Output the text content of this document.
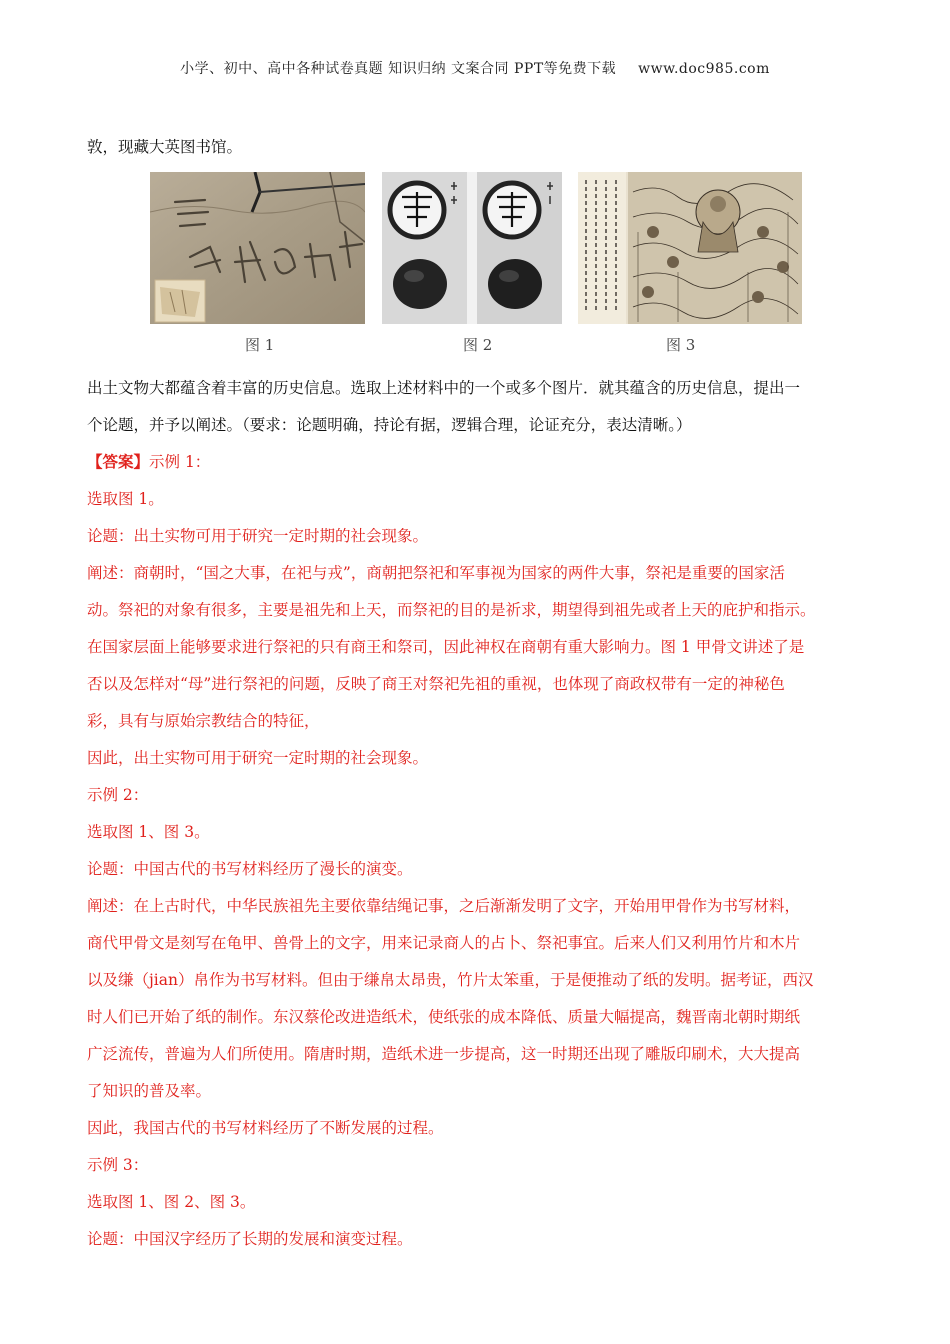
小学、初中、高中各种试卷真题 知识归纳 文案合同 PPT等免费下载 www.doc985.com
敦，现藏大英图书馆。
图 1	图 2	图 3
出土文物大都蕴含着丰富的历史信息。选取上述材料中的一个或多个图片．就其蕴含的历史信息，提出一
个论题，并予以阐述。（要求：论题明确，持论有据，逻辑合理，论证充分，表达清晰。）
【答案】示例 1：
选取图 1。
论题：出土实物可用于研究一定时期的社会现象。
阐述：商朝时，“国之大事，在祀与戎”，商朝把祭祀和军事视为国家的两件大事，祭祀是重要的国家活
动。祭祀的对象有很多，主要是祖先和上天，而祭祀的目的是祈求，期望得到祖先或者上天的庇护和指示。
在国家层面上能够要求进行祭祀的只有商王和祭司，因此神权在商朝有重大影响力。图 1 甲骨文讲述了是
否以及怎样对“母”进行祭祀的问题，反映了商王对祭祀先祖的重视，也体现了商政权带有一定的神秘色
彩，具有与原始宗教结合的特征，
因此，出土实物可用于研究一定时期的社会现象。
示例 2：
选取图 1、图 3。
论题：中国古代的书写材料经历了漫长的演变。
阐述：在上古时代，中华民族祖先主要依靠结绳记事，之后渐渐发明了文字，开始用甲骨作为书写材料，
商代甲骨文是刻写在龟甲、兽骨上的文字，用来记录商人的占卜、祭祀事宜。后来人们又利用竹片和木片
以及缣（jian）帛作为书写材料。但由于缣帛太昂贵，竹片太笨重，于是便推动了纸的发明。据考证，西汉
时人们已开始了纸的制作。东汉蔡伦改进造纸术，使纸张的成本降低、质量大幅提高，魏晋南北朝时期纸
广泛流传，普遍为人们所使用。隋唐时期，造纸术进一步提高，这一时期还出现了雕版印刷术，大大提高
了知识的普及率。
因此，我国古代的书写材料经历了不断发展的过程。
示例 3：
选取图 1、图 2、图 3。
论题：中国汉字经历了长期的发展和演变过程。
